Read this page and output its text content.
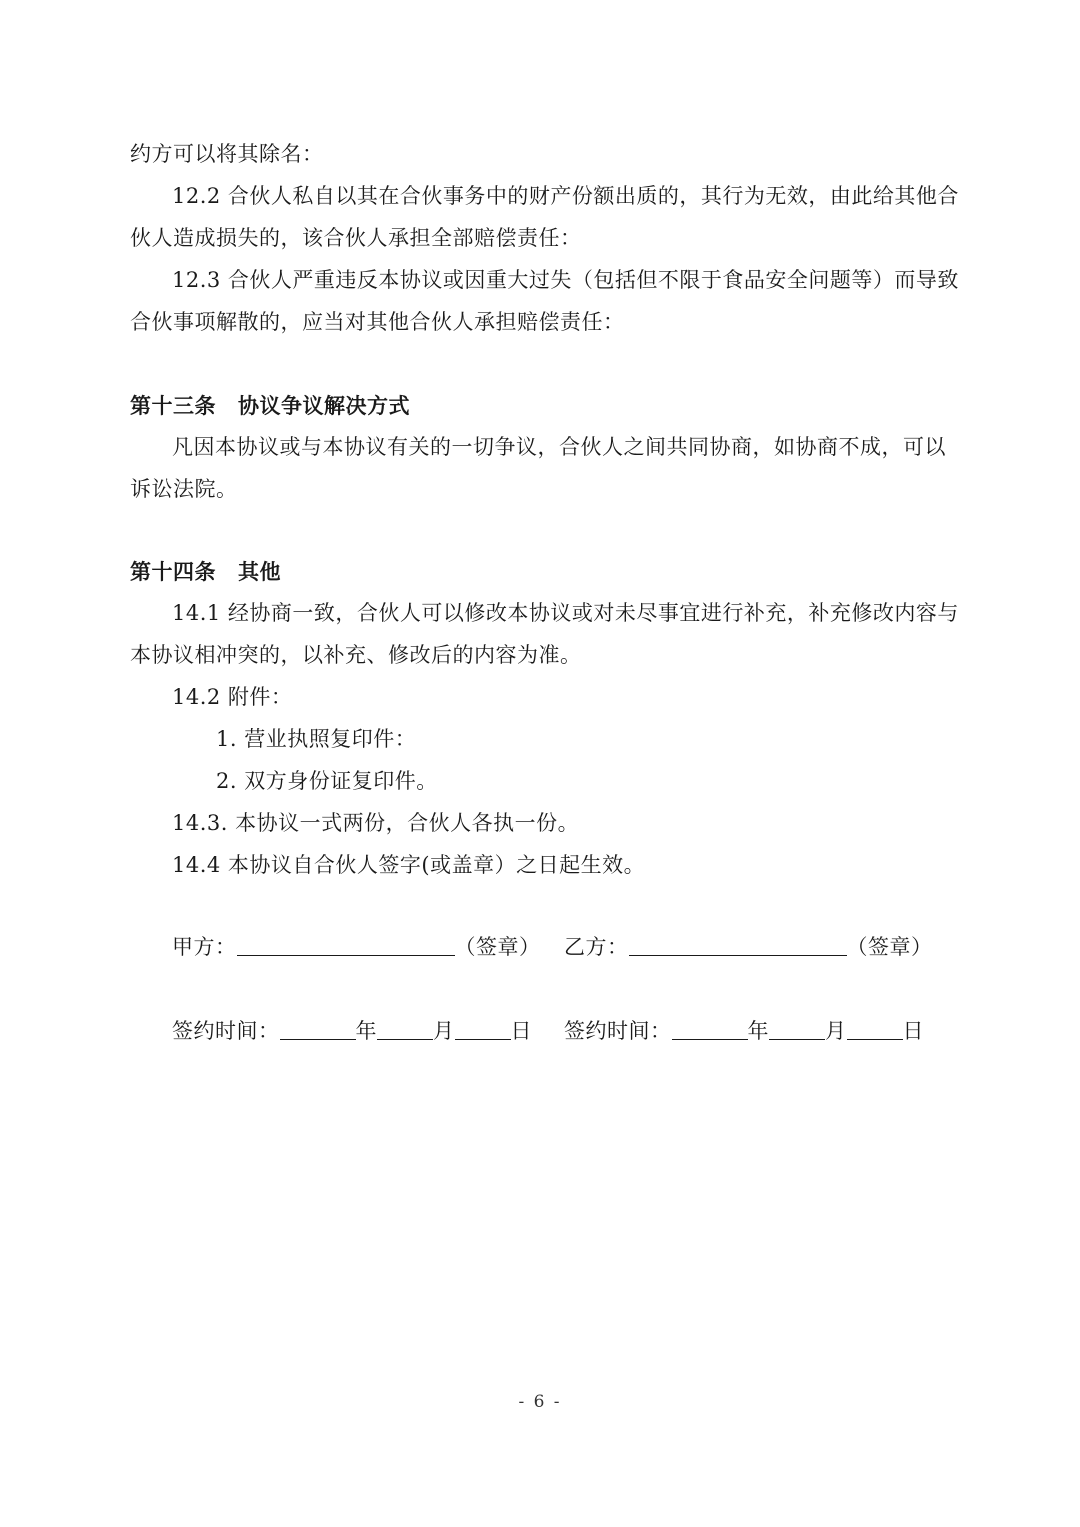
约方可以将其除名：
12.2 合伙人私自以其在合伙事务中的财产份额出质的，其行为无效，由此给其他合
伙人造成损失的，该合伙人承担全部赔偿责任：
12.3 合伙人严重违反本协议或因重大过失（包括但不限于食品安全问题等）而导致
合伙事项解散的，应当对其他合伙人承担赔偿责任：
第十三条 协议争议解决方式
凡因本协议或与本协议有关的一切争议，合伙人之间共同协商，如协商不成，可以
诉讼法院。
第十四条 其他
14.1 经协商一致，合伙人可以修改本协议或对未尽事宜进行补充，补充修改内容与
本协议相冲突的，以补充、修改后的内容为准。
14.2 附件：
1. 营业执照复印件：
2. 双方身份证复印件。
14.3. 本协议一式两份，合伙人各执一份。
14.4 本协议自合伙人签字(或盖章）之日起生效。
甲方：	（签章） 乙方：	（签章）
签约时间：	年	月	日 签约时间：	年	月	日
- 6 -
